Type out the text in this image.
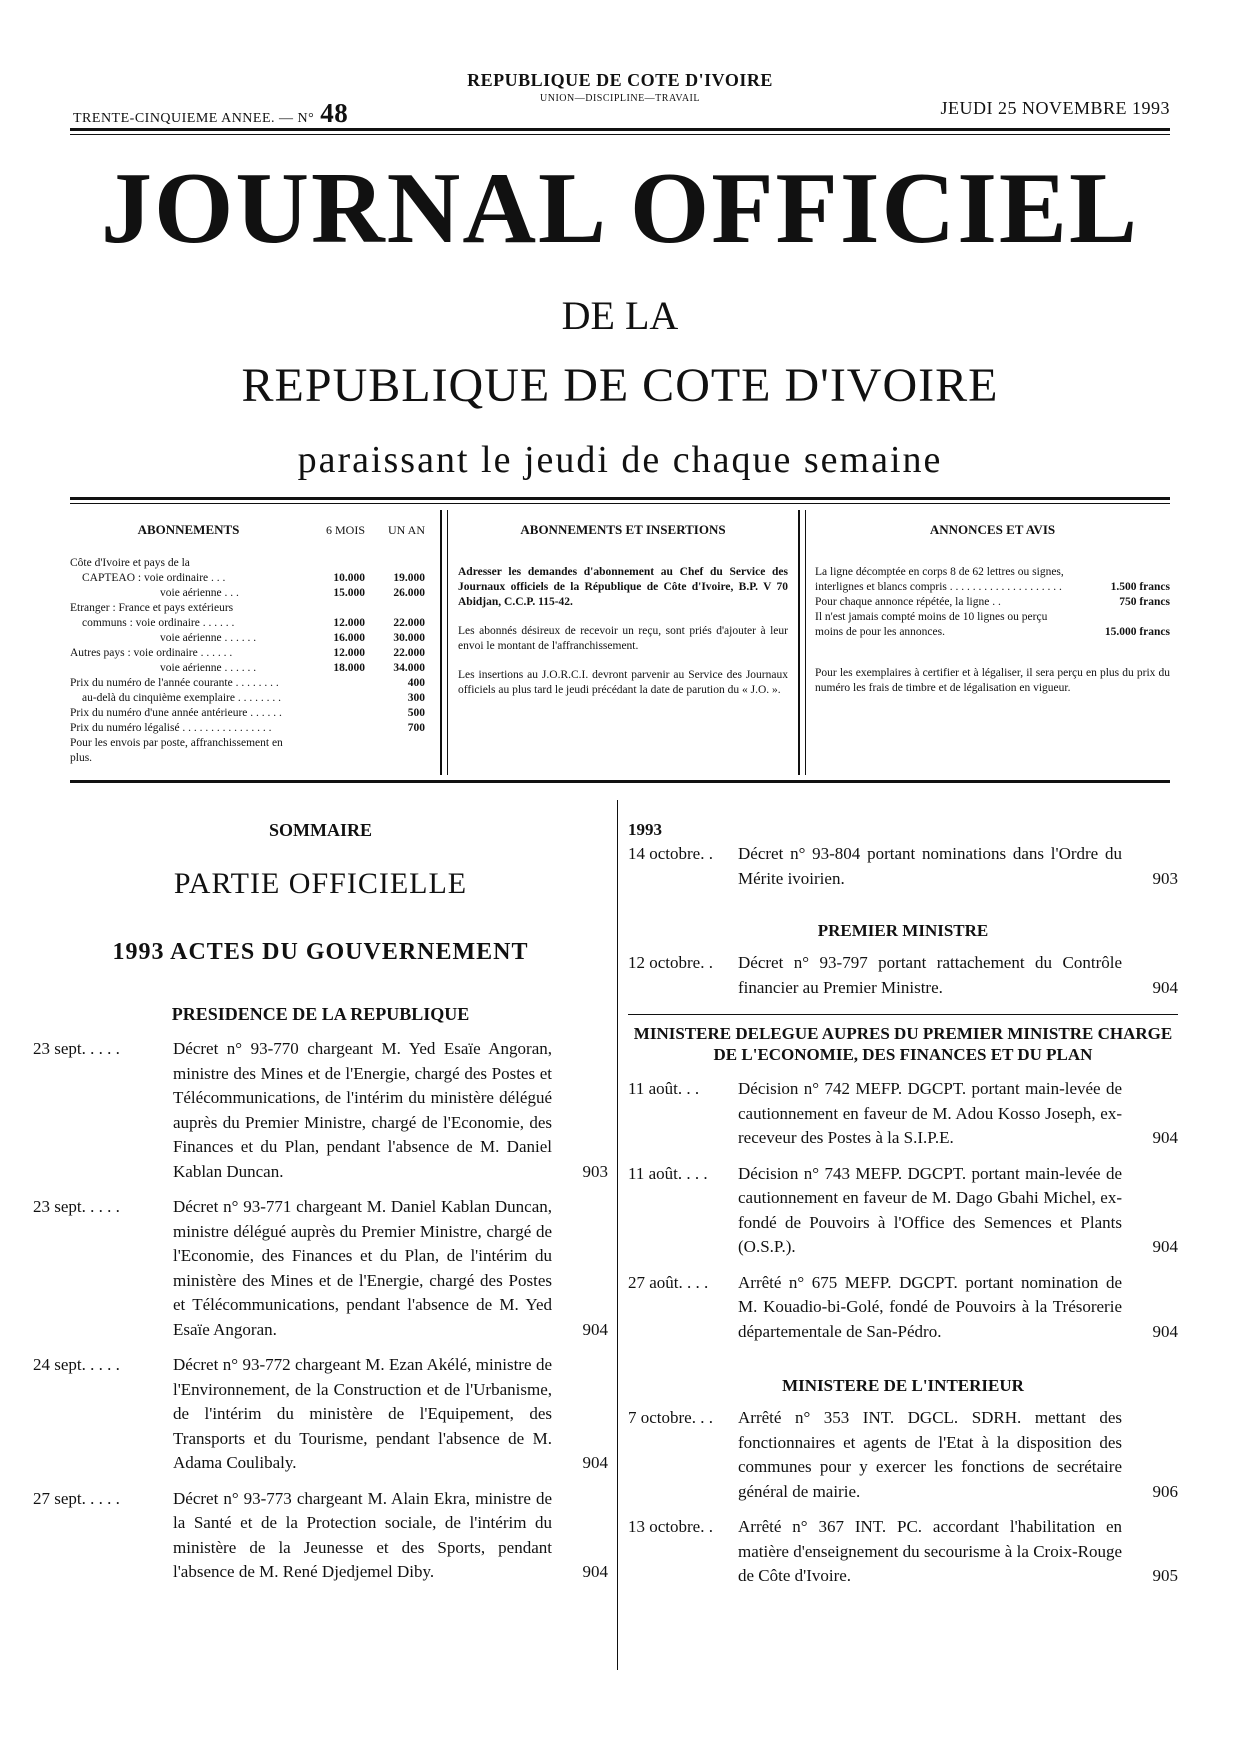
TRENTE-CINQUIEME ANNEE. — N° 48
REPUBLIQUE DE COTE D'IVOIRE
UNION—DISCIPLINE—TRAVAIL	JEUDI 25 NOVEMBRE 1993
JOURNAL OFFICIEL
DE LA
REPUBLIQUE DE COTE D'IVOIRE
paraissant le jeudi de chaque semaine
ABONNEMENTS	6 MOIS	UN AN
Côte d'Ivoire et pays de la
CAPTEAO : voie ordinaire . . .	10.000	19.000
voie aérienne . . .	15.000	26.000
Etranger : France et pays extérieurs
communs : voie ordinaire . . . . . .	12.000	22.000
voie aérienne . . . . . .	16.000	30.000
Autres pays : voie ordinaire . . . . . .	12.000	22.000
voie aérienne . . . . . .	18.000	34.000
Prix du numéro de l'année courante . . . . . . . .	400
au-delà du cinquième exemplaire . . . . . . . .	300
Prix du numéro d'une année antérieure . . . . . .	500
Prix du numéro légalisé . . . . . . . . . . . . . . . .	700
Pour les envois par poste, affranchissement en plus.
ABONNEMENTS ET INSERTIONS
Adresser les demandes d'abonnement au Chef du Service des Journaux officiels de la République de Côte d'Ivoire, B.P. V 70 Abidjan, C.C.P. 115-42.
Les abonnés désireux de recevoir un reçu, sont priés d'ajouter à leur envoi le montant de l'affranchissement.
Les insertions au J.O.R.C.I. devront parvenir au Service des Journaux officiels au plus tard le jeudi précédant la date de parution du « J.O. ».
ANNONCES ET AVIS
La ligne décomptée en corps 8 de 62 lettres ou signes, interlignes et blancs compris . . . . . . . . . . . . . . . . . . . .	1.500 francs
Pour chaque annonce répétée, la ligne . .	750 francs
Il n'est jamais compté moins de 10 lignes ou perçu moins de pour les annonces.	15.000 francs
Pour les exemplaires à certifier et à légaliser, il sera perçu en plus du prix du numéro les frais de timbre et de légalisation en vigueur.
SOMMAIRE
PARTIE OFFICIELLE
1993 ACTES DU GOUVERNEMENT
PRESIDENCE DE LA REPUBLIQUE
23 sept. . . . .	Décret n° 93-770 chargeant M. Yed Esaïe Angoran, ministre des Mines et de l'Energie, chargé des Postes et Télécommunications, de l'intérim du ministère délégué auprès du Premier Ministre, chargé de l'Economie, des Finances et du Plan, pendant l'absence de M. Daniel Kablan Duncan.	903
23 sept. . . . .	Décret n° 93-771 chargeant M. Daniel Kablan Duncan, ministre délégué auprès du Premier Ministre, chargé de l'Economie, des Finances et du Plan, de l'intérim du ministère des Mines et de l'Energie, chargé des Postes et Télécommunications, pendant l'absence de M. Yed Esaïe Angoran.	904
24 sept. . . . .	Décret n° 93-772 chargeant M. Ezan Akélé, ministre de l'Environnement, de la Construction et de l'Urbanisme, de l'intérim du ministère de l'Equipement, des Transports et du Tourisme, pendant l'absence de M. Adama Coulibaly.	904
27 sept. . . . .	Décret n° 93-773 chargeant M. Alain Ekra, ministre de la Santé et de la Protection sociale, de l'intérim du ministère de la Jeunesse et des Sports, pendant l'absence de M. René Djedjemel Diby.	904
1993
14 octobre. .	Décret n° 93-804 portant nominations dans l'Ordre du Mérite ivoirien.	903
PREMIER MINISTRE
12 octobre. .	Décret n° 93-797 portant rattachement du Contrôle financier au Premier Ministre.	904
MINISTERE DELEGUE AUPRES DU PREMIER MINISTRE CHARGE DE L'ECONOMIE, DES FINANCES ET DU PLAN
11 août. . .	Décision n° 742 MEFP. DGCPT. portant main-levée de cautionnement en faveur de M. Adou Kosso Joseph, ex-receveur des Postes à la S.I.P.E.	904
11 août. . . .	Décision n° 743 MEFP. DGCPT. portant main-levée de cautionnement en faveur de M. Dago Gbahi Michel, ex-fondé de Pouvoirs à l'Office des Semences et Plants (O.S.P.).	904
27 août. . . .	Arrêté n° 675 MEFP. DGCPT. portant nomination de M. Kouadio-bi-Golé, fondé de Pouvoirs à la Trésorerie départementale de San-Pédro.	904
MINISTERE DE L'INTERIEUR
7 octobre. . .	Arrêté n° 353 INT. DGCL. SDRH. mettant des fonctionnaires et agents de l'Etat à la disposition des communes pour y exercer les fonctions de secrétaire général de mairie.	906
13 octobre. .	Arrêté n° 367 INT. PC. accordant l'habilitation en matière d'enseignement du secourisme à la Croix-Rouge de Côte d'Ivoire.	905
